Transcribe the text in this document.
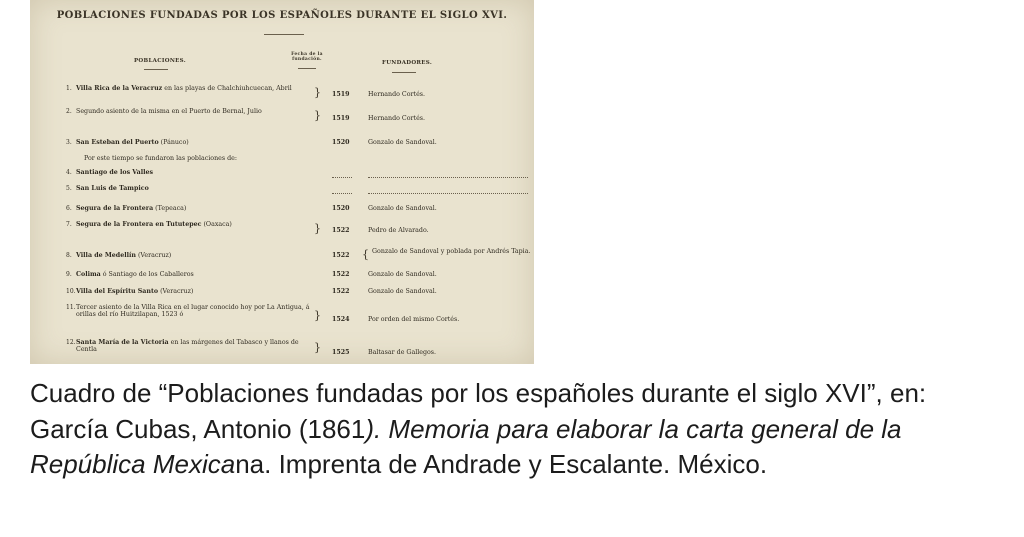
POBLACIONES FUNDADAS POR LOS ESPAÑOLES DURANTE EL SIGLO XVI.
POBLACIONES.
Fecha de la fundación.
FUNDADORES.
1. Villa Rica de la Veracruz en las playas de Chalchiuhcuecan, Abril	} 1519	Hernando Cortés.
2. Segundo asiento de la misma en el Puerto de Bernal, Julio	} 1519	Hernando Cortés.
3. San Esteban del Puerto (Pánuco)	1520	Gonzalo de Sandoval.
Por este tiempo se fundaron las poblaciones de:
4. Santiago de los Valles
5. San Luis de Tampico
6. Segura de la Frontera (Tepeaca)	1520	Gonzalo de Sandoval.
7. Segura de la Frontera en Tututepec (Oaxaca)	} 1522	Pedro de Alvarado.
8. Villa de Medellín (Veracruz)	1522 { Gonzalo de Sandoval y poblada por Andrés Tapia.
9. Colima ó Santiago de los Caballeros	1522	Gonzalo de Sandoval.
10. Villa del Espíritu Santo (Veracruz)	1522	Gonzalo de Sandoval.
11. Tercer asiento de la Villa Rica en el lugar conocido hoy por La Antigua, á orillas del río Huitzilapan, 1523 ó	} 1524	Por orden del mismo Cortés.
12. Santa María de la Victoria en las márgenes del Tabasco y llanos de Centla	} 1525	Baltasar de Gallegos.
Cuadro de “Poblaciones fundadas por los españoles durante el siglo XVI”, en: García Cubas, Antonio (1861). Memoria para elaborar la carta general de la República Mexicana. Imprenta de Andrade y Escalante. México.
